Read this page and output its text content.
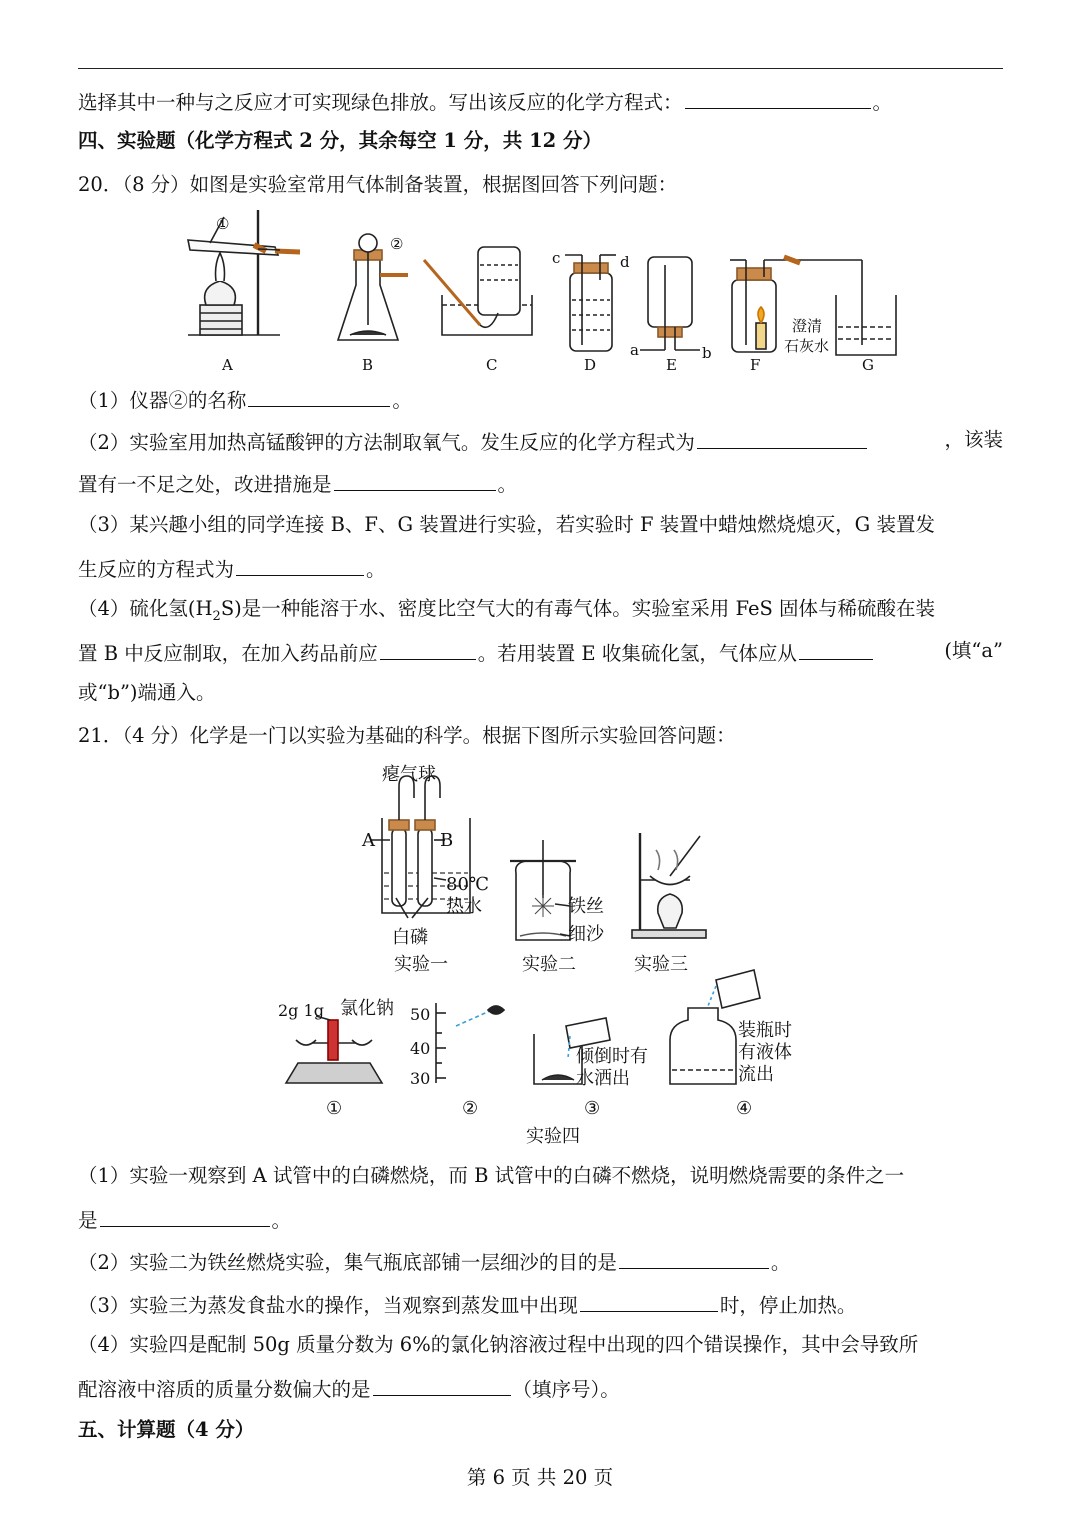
选择其中一种与之反应才可实现绿色排放。写出该反应的化学方程式：	。
四、实验题（化学方程式 2 分，其余每空 1 分，共 12 分）
20．（8 分）如图是实验室常用气体制备装置，根据图回答下列问题：
A	B	C	D	E	F	G
c	d
a	b
①
②
澄清
石灰水
（1）仪器②的名称	。
（2）实验室用加热高锰酸钾的方法制取氧气。发生反应的化学方程式为	，该装
置有一不足之处，改进措施是	。
（3）某兴趣小组的同学连接 B、F、G 装置进行实验，若实验时 F 装置中蜡烛燃烧熄灭，G 装置发
生反应的方程式为	。
（4）硫化氢$(H_2S)$是一种能溶于水、密度比空气大的有毒气体。实验室采用 FeS 固体与稀硫酸在装
置 B 中反应制取，在加入药品前应	。若用装置 E 收集硫化氢，气体应从	(填“a”
或“b”)端通入。
21．（4 分）化学是一门以实验为基础的科学。根据下图所示实验回答问题：
瘪气球
A	B
80℃
热水
白磷
实验一
铁丝
细沙
实验二	实验三
2g 1g 氯化钠 50
40
30
倾倒时有
水洒出
装瓶时
有液体
流出
①	②	③	④
实验四
（1）实验一观察到 A 试管中的白磷燃烧，而 B 试管中的白磷不燃烧，说明燃烧需要的条件之一
是	。
（2）实验二为铁丝燃烧实验，集气瓶底部铺一层细沙的目的是	。
（3）实验三为蒸发食盐水的操作，当观察到蒸发皿中出现	时，停止加热。
（4）实验四是配制 50g 质量分数为 6%的氯化钠溶液过程中出现的四个错误操作，其中会导致所
配溶液中溶质的质量分数偏大的是	（填序号）。
五、计算题（4 分）
第 6 页 共 20 页
